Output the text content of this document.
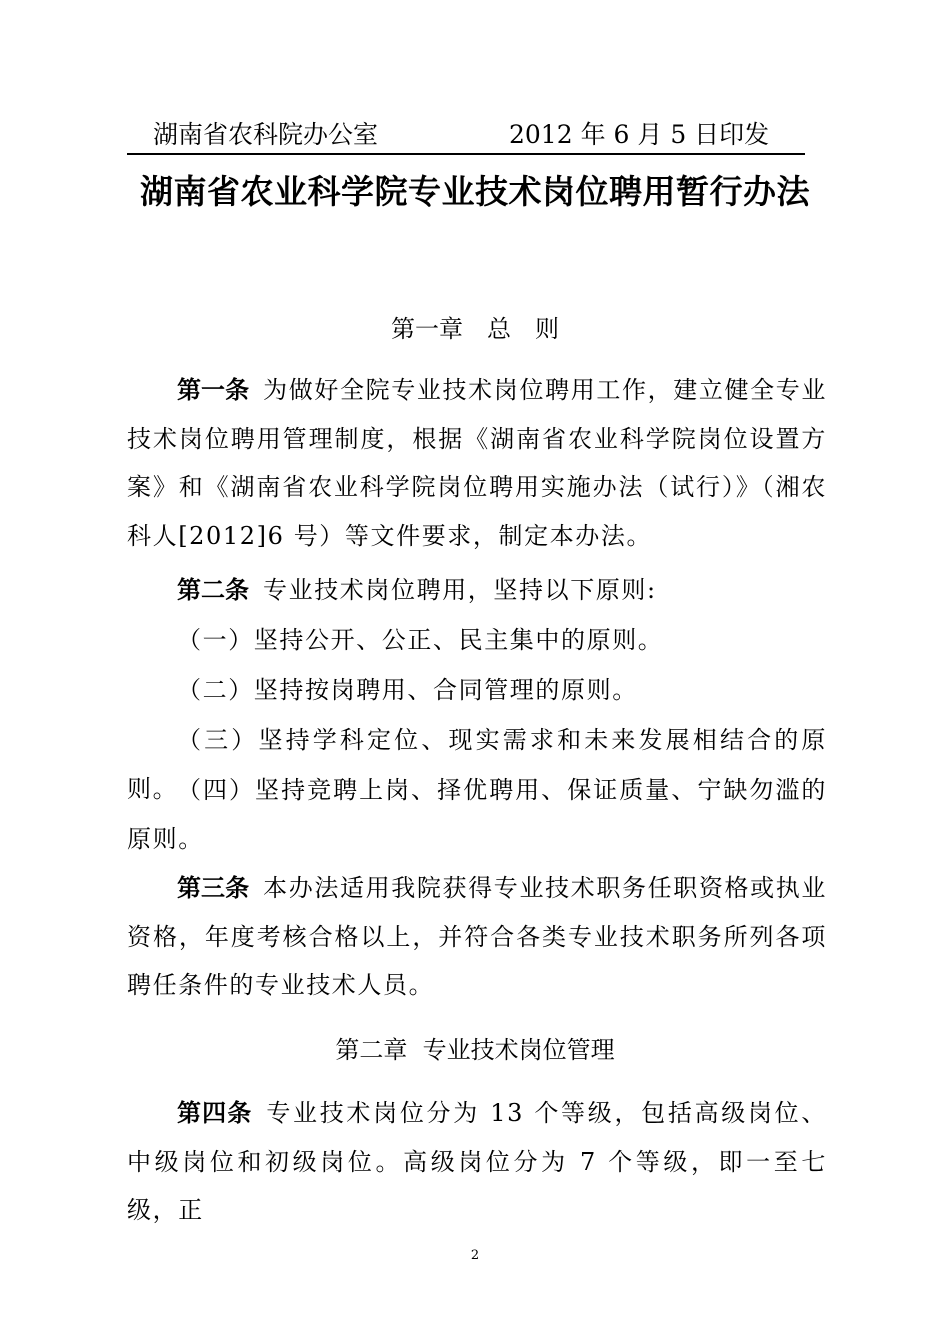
湖南省农科院办公室	2012 年 6 月 5 日印发
湖南省农业科学院专业技术岗位聘用暂行办法
第一章　总　则
第一条 为做好全院专业技术岗位聘用工作，建立健全专业技术岗位聘用管理制度，根据《湖南省农业科学院岗位设置方案》和《湖南省农业科学院岗位聘用实施办法（试行）》（湘农科人[2012]6 号）等文件要求，制定本办法。
第二条 专业技术岗位聘用，坚持以下原则:
（一）坚持公开、公正、民主集中的原则。
（二）坚持按岗聘用、合同管理的原则。
（三）坚持学科定位、现实需求和未来发展相结合的原则。
（四）坚持竞聘上岗、择优聘用、保证质量、宁缺勿滥的原则。
第三条 本办法适用我院获得专业技术职务任职资格或执业资格，年度考核合格以上，并符合各类专业技术职务所列各项聘任条件的专业技术人员。
第二章  专业技术岗位管理
第四条 专业技术岗位分为 13 个等级，包括高级岗位、中级岗位和初级岗位。高级岗位分为 7 个等级，即一至七级，正
2
